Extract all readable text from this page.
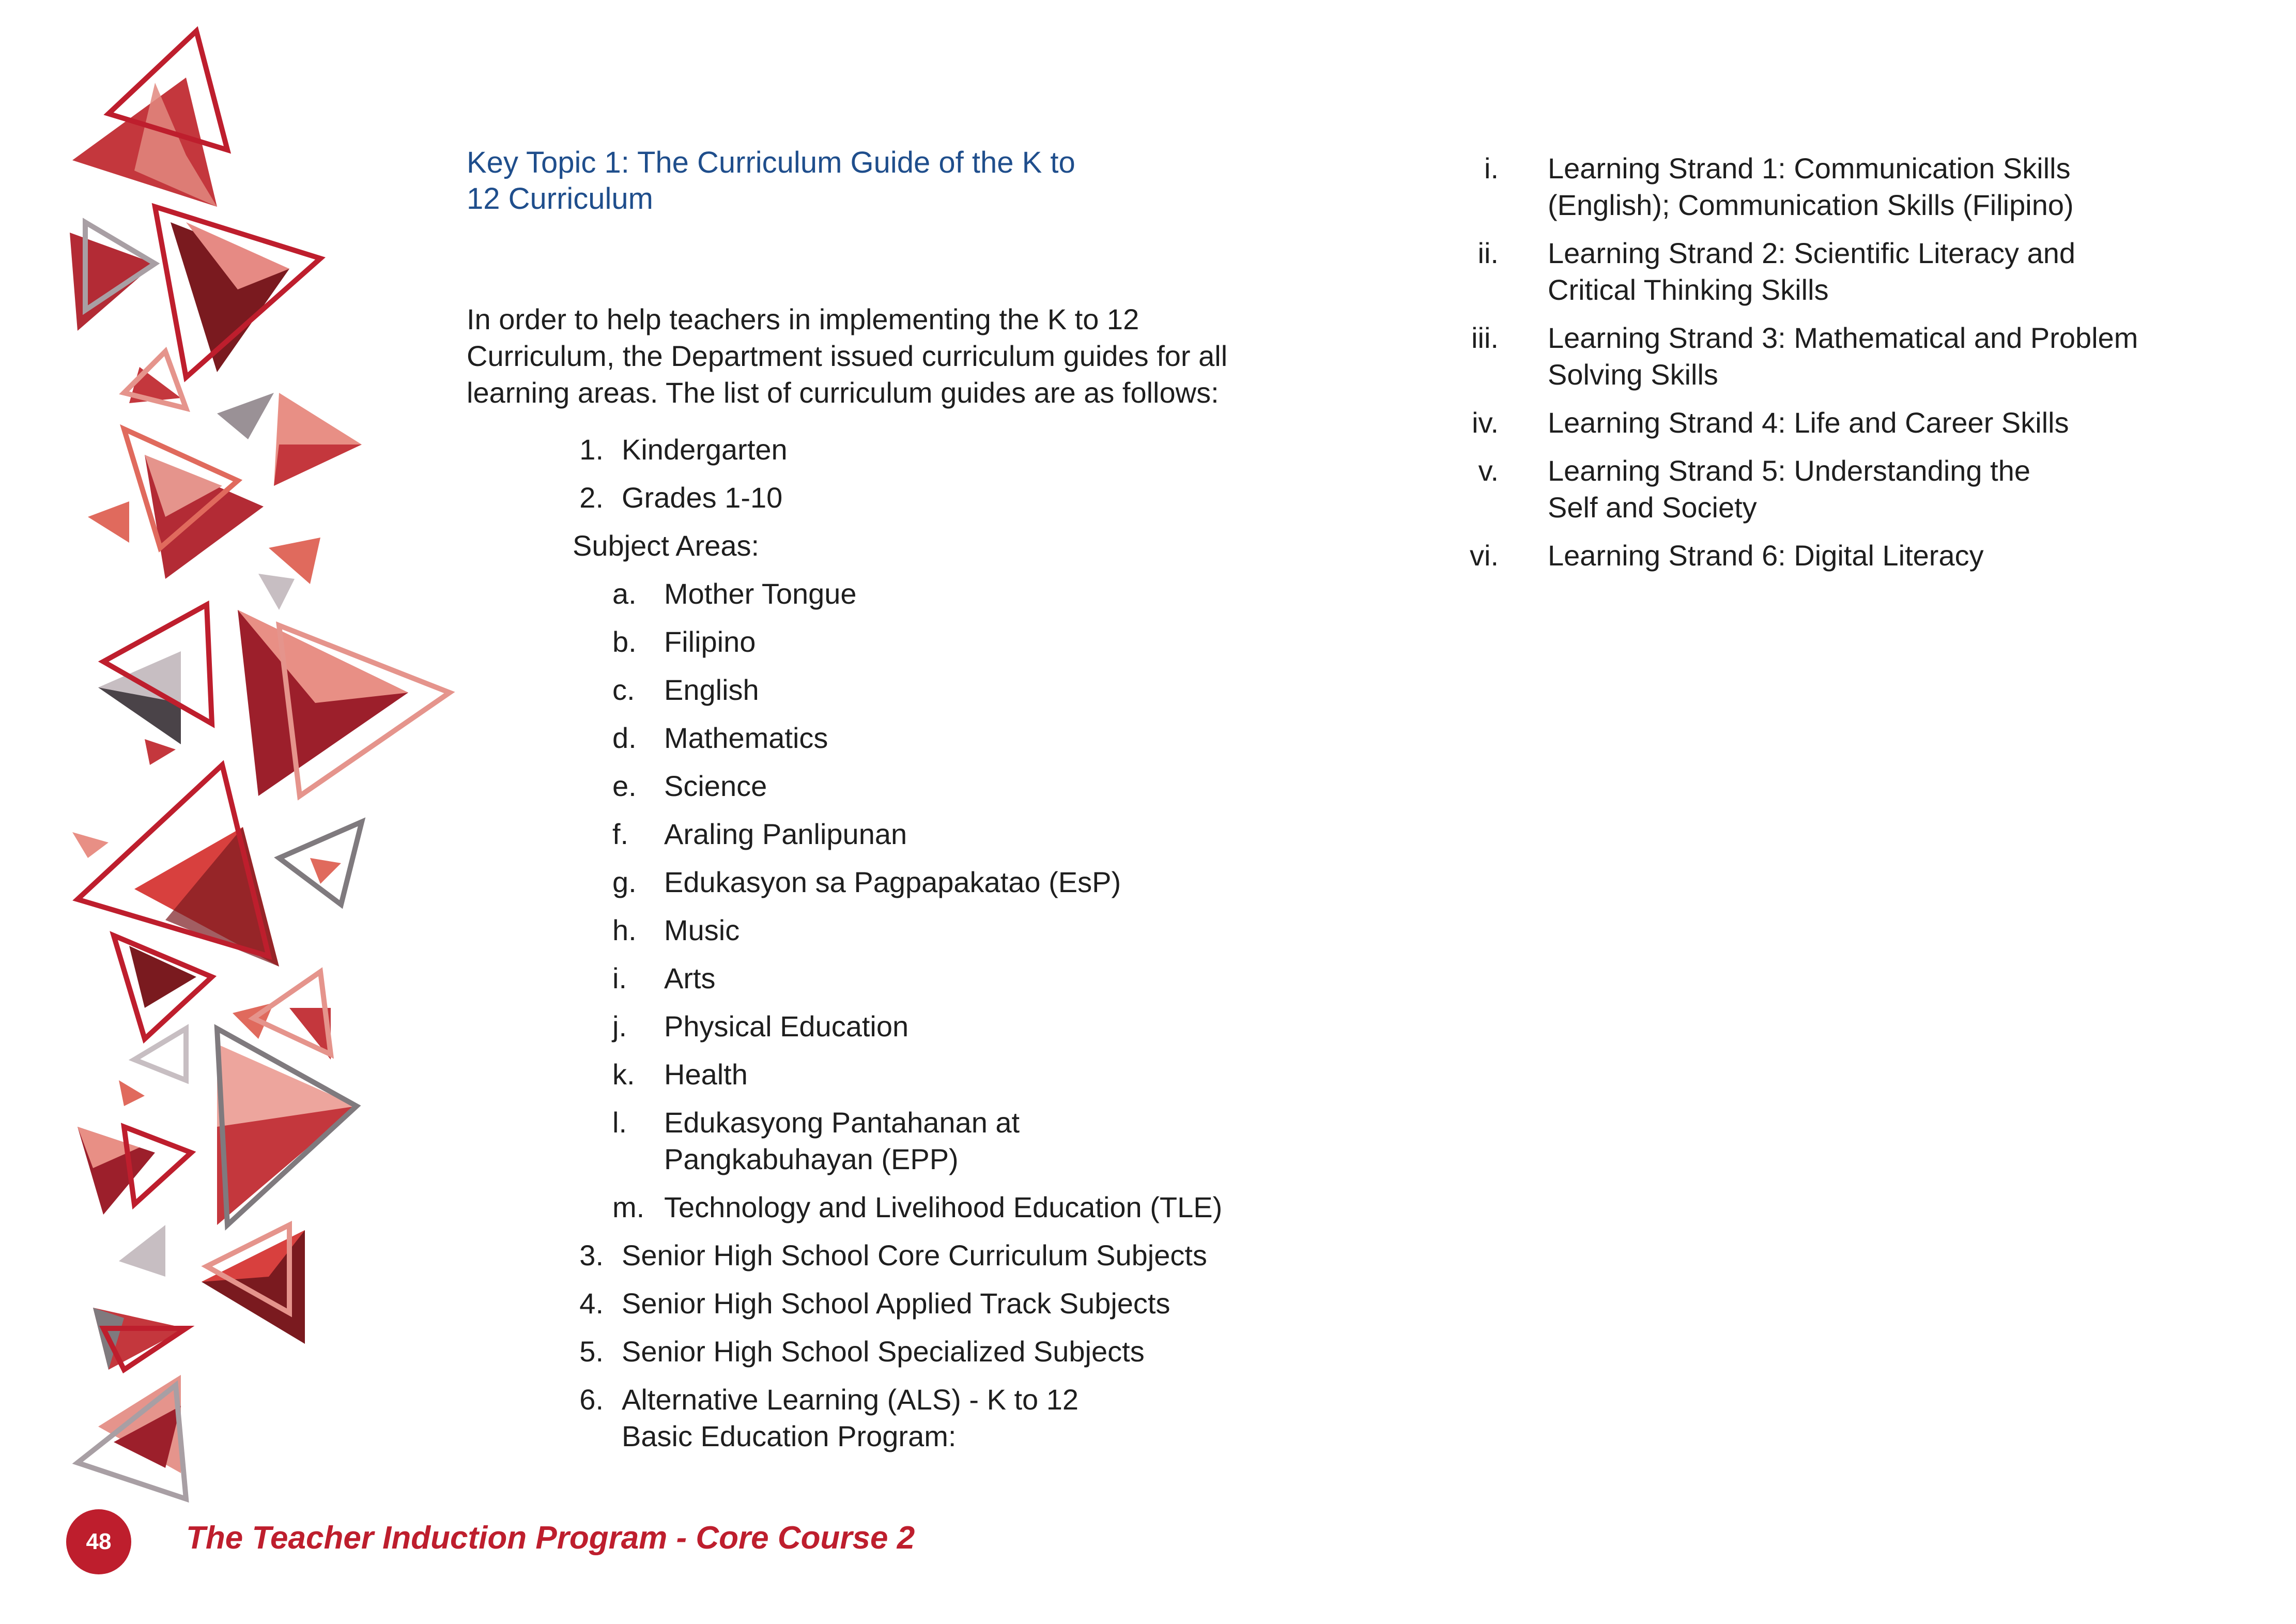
Key Topic 1: The Curriculum Guide of the K to 12 Curriculum
In order to help teachers in implementing the K to 12 Curriculum, the Department issued curriculum guides for all learning areas. The list of curriculum guides are as follows:
1. Kindergarten
2. Grades 1-10
Subject Areas:
a. Mother Tongue
b. Filipino
c. English
d. Mathematics
e. Science
f.	Araling Panlipunan
g. Edukasyon sa Pagpapakatao (EsP)
h. Music
i.	Arts
j.	Physical Education
k. Health
l.	Edukasyong Pantahanan at Pangkabuhayan (EPP)
m. Technology and Livelihood Education (TLE)
3. Senior High School Core Curriculum Subjects
4. Senior High School Applied Track Subjects
5. Senior High School Specialized Subjects
6. Alternative Learning (ALS) - K to 12 Basic Education Program:
i. Learning Strand 1: Communication Skills (English); Communication Skills (Filipino)
ii. Learning Strand 2: Scientific Literacy and Critical Thinking Skills
iii. Learning Strand 3: Mathematical and Problem Solving Skills
iv. Learning Strand 4: Life and Career Skills
v. Learning Strand 5: Understanding the Self and Society
vi. Learning Strand 6: Digital Literacy
48	The Teacher Induction Program - Core Course 2
